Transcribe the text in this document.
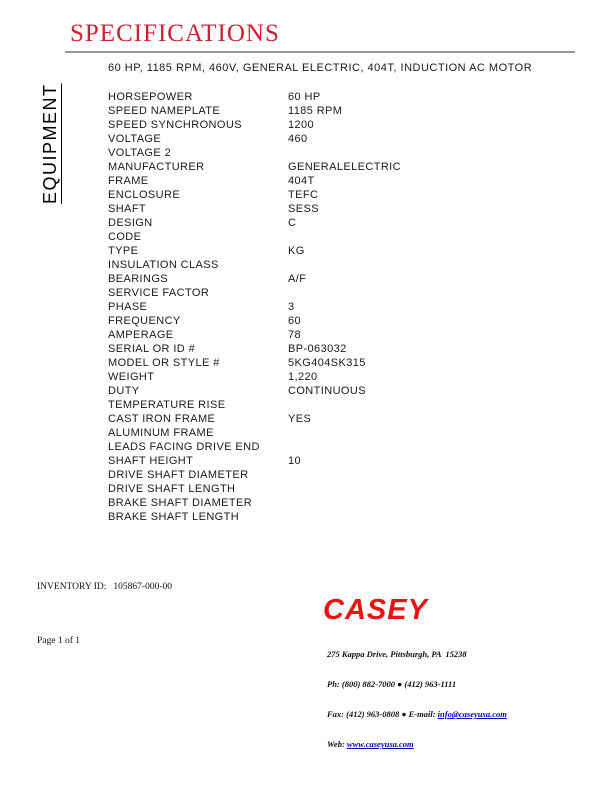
SPECIFICATIONS
EQUIPMENT
60 HP, 1185 RPM, 460V, GENERAL ELECTRIC, 404T, INDUCTION AC MOTOR
HORSEPOWER	60 HP
SPEED NAMEPLATE	1185 RPM
SPEED SYNCHRONOUS	1200
VOLTAGE	460
VOLTAGE 2
MANUFACTURER	GENERALELECTRIC
FRAME	404T
ENCLOSURE	TEFC
SHAFT	SESS
DESIGN	C
CODE
TYPE	KG
INSULATION CLASS
BEARINGS	A/F
SERVICE FACTOR
PHASE	3
FREQUENCY	60
AMPERAGE	78
SERIAL OR ID #	BP-063032
MODEL OR STYLE #	5KG404SK315
WEIGHT	1,220
DUTY	CONTINUOUS
TEMPERATURE RISE
CAST IRON FRAME	YES
ALUMINUM FRAME
LEADS FACING DRIVE END
SHAFT HEIGHT	10
DRIVE SHAFT DIAMETER
DRIVE SHAFT LENGTH
BRAKE SHAFT DIAMETER
BRAKE SHAFT LENGTH
INVENTORY ID: 105867-000-00
Page 1 of 1
CASEY

275 Kappa Drive, Pittsburgh, PA  15238

Ph: (800) 882-7000 ● (412) 963-1111

Fax: (412) 963-0808 ● E-mail: info@caseyusa.com

Web: www.caseyusa.com
